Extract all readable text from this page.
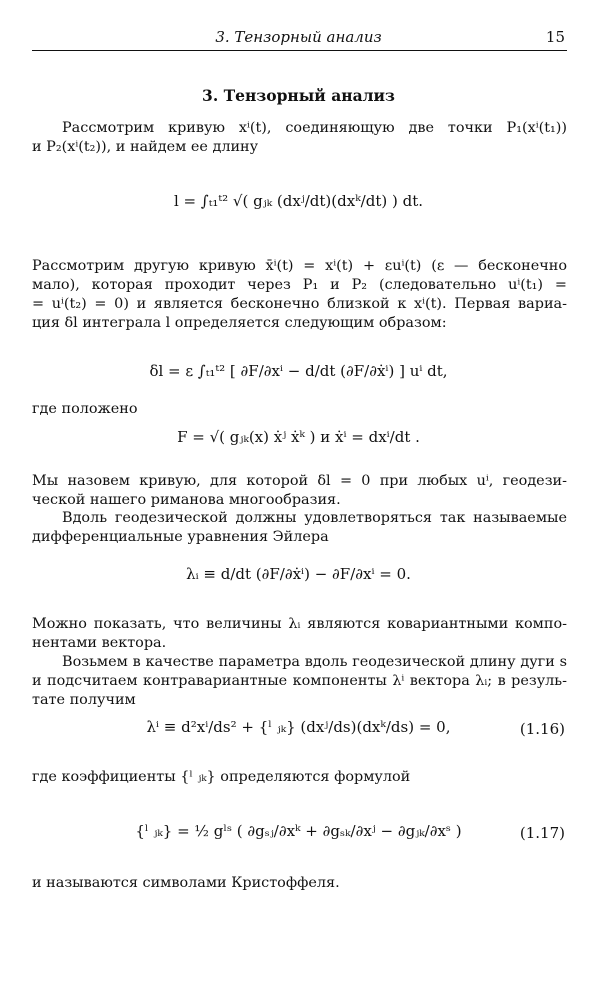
3. Тензорный анализ	15
3. Тензорный анализ
Рассмотрим кривую xⁱ(t), соединяющую две точки P₁(xⁱ(t₁))
и P₂(xⁱ(t₂)), и найдем ее длину
l = ∫ₜ₁ᵗ² √( gⱼₖ (dxʲ/dt)(dxᵏ/dt) ) dt.
Рассмотрим другую кривую x̄ⁱ(t) = xⁱ(t) + εuⁱ(t) (ε — бесконечно
мало), которая проходит через P₁ и P₂ (следовательно uⁱ(t₁) =
= uⁱ(t₂) = 0) и является бесконечно близкой к xⁱ(t). Первая вариа-
ция δl интеграла l определяется следующим образом:
δl = ε ∫ₜ₁ᵗ² [ ∂F/∂xⁱ − d/dt (∂F/∂ẋⁱ) ] uⁱ dt,
где положено
F = √( gⱼₖ(x) ẋʲ ẋᵏ ) и ẋⁱ = dxⁱ/dt .
Мы назовем кривую, для которой δl = 0 при любых uⁱ, геодези-
ческой нашего риманова многообразия.
Вдоль геодезической должны удовлетворяться так называемые
дифференциальные уравнения Эйлера
λᵢ ≡ d/dt (∂F/∂ẋⁱ) − ∂F/∂xⁱ = 0.
Можно показать, что величины λᵢ являются ковариантными компо-
нентами вектора.
Возьмем в качестве параметра вдоль геодезической длину дуги s
и подсчитаем контравариантные компоненты λⁱ вектора λᵢ; в резуль-
тате получим
λⁱ ≡ d²xⁱ/ds² + {ˡ ⱼₖ} (dxʲ/ds)(dxᵏ/ds) = 0,	(1.16)
где коэффициенты {ˡ ⱼₖ} определяются формулой
{ˡ ⱼₖ} = ½ gˡˢ ( ∂gₛⱼ/∂xᵏ + ∂gₛₖ/∂xʲ − ∂gⱼₖ/∂xˢ )	(1.17)
и называются символами Кристоффеля.
